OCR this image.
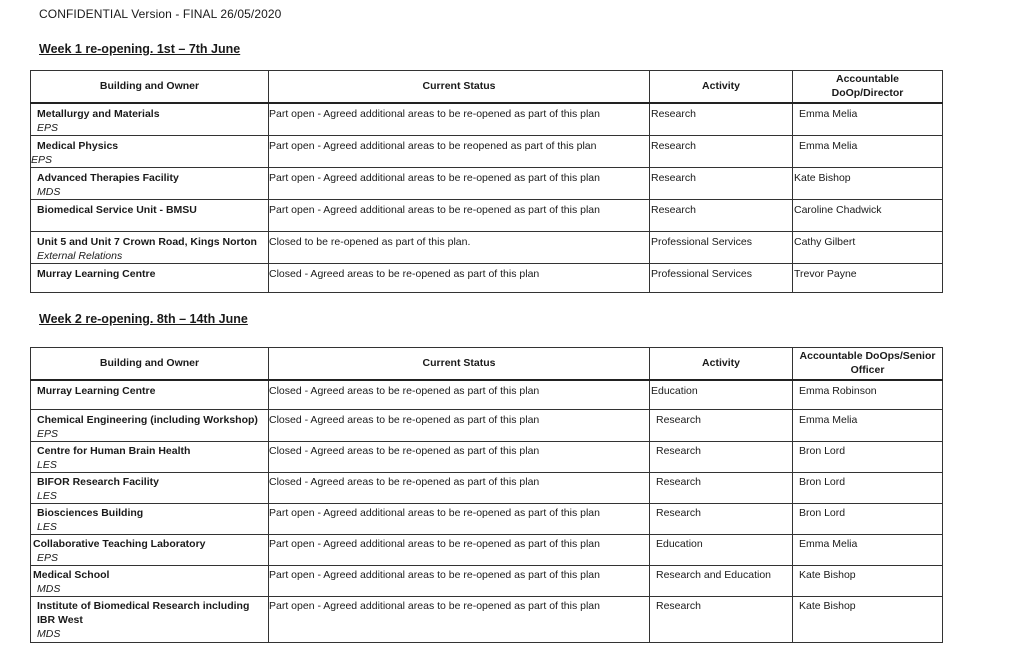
CONFIDENTIAL Version - FINAL 26/05/2020
Week 1 re-opening. 1st – 7th June
Building and Owner	Current Status	Activity	Accountable
DoOp/Director

Metallurgy and Materials
EPS	Part open - Agreed additional areas to be re-opened as part of this plan	Research	Emma Melia

Medical Physics
EPS	Part open - Agreed additional areas to be reopened as part of this plan	Research	Emma Melia

Advanced Therapies Facility
MDS	Part open - Agreed additional areas to be re-opened as part of this plan	Research	Kate Bishop

Biomedical Service Unit - BMSU	Part open - Agreed additional areas to be re-opened as part of this plan	Research	Caroline Chadwick

Unit 5 and Unit 7 Crown Road, Kings Norton
External Relations	Closed to be re-opened as part of this plan.	Professional Services	Cathy Gilbert

Murray Learning Centre	Closed - Agreed areas to be re-opened as part of this plan	Professional Services	Trevor Payne
Week 2 re-opening. 8th – 14th June
Building and Owner	Current Status	Activity	Accountable DoOps/Senior
Officer

Murray Learning Centre	Closed - Agreed areas to be re-opened as part of this plan	Education	Emma Robinson

Chemical Engineering (including Workshop)
EPS	Closed - Agreed areas to be re-opened as part of this plan	Research	Emma Melia

Centre for Human Brain Health
LES	Closed - Agreed areas to be re-opened as part of this plan	Research	Bron Lord

BIFOR Research Facility
LES	Closed - Agreed areas to be re-opened as part of this plan	Research	Bron Lord

Biosciences Building
LES	Part open - Agreed additional areas to be re-opened as part of this plan	Research	Bron Lord

Collaborative Teaching Laboratory
EPS	Part open - Agreed additional areas to be re-opened as part of this plan	Education	Emma Melia

Medical School
MDS	Part open - Agreed additional areas to be re-opened as part of this plan	Research and Education	Kate Bishop

Institute of Biomedical Research including IBR West
MDS	Part open - Agreed additional areas to be re-opened as part of this plan	Research	Kate Bishop
